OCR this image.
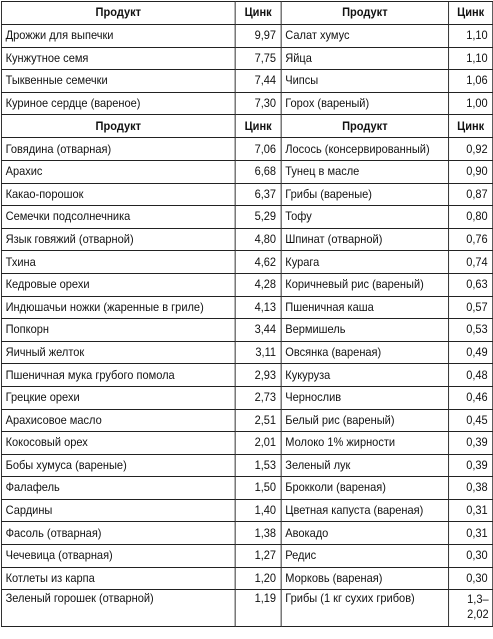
Продукт	Цинк	Продукт	Цинк
Дрожжи для выпечки	9,97	Салат хумус	1,10
Кунжутное семя	7,75	Яйца	1,10
Тыквенные семечки	7,44	Чипсы	1,06
Куриное сердце (вареное)	7,30	Горох (вареный)	1,00
Продукт	Цинк	Продукт	Цинк
Говядина (отварная)	7,06	Лосось (консервированный)	0,92
Арахис	6,68	Тунец в масле	0,90
Какао-порошок	6,37	Грибы (вареные)	0,87
Семечки подсолнечника	5,29	Тофу	0,80
Язык говяжий (отварной)	4,80	Шпинат (отварной)	0,76
Тхина	4,62	Курага	0,74
Кедровые орехи	4,28	Коричневый рис (вареный)	0,63
Индюшачьи ножки (жаренные в гриле)	4,13	Пшеничная каша	0,57
Попкорн	3,44	Вермишель	0,53
Яичный желток	3,11	Овсянка (вареная)	0,49
Пшеничная мука грубого помола	2,93	Кукуруза	0,48
Грецкие орехи	2,73	Чернослив	0,46
Арахисовое масло	2,51	Белый рис (вареный)	0,45
Кокосовый орех	2,01	Молоко 1% жирности	0,39
Бобы хумуса (вареные)	1,53	Зеленый лук	0,39
Фалафель	1,50	Брокколи (вареная)	0,38
Сардины	1,40	Цветная капуста (вареная)	0,31
Фасоль (отварная)	1,38	Авокадо	0,31
Чечевица (отварная)	1,27	Редис	0,30
Котлеты из карпа	1,20	Морковь (вареная)	0,30
Зеленый горошек (отварной)	1,19	Грибы (1 кг сухих грибов)	1,3–
2,02
